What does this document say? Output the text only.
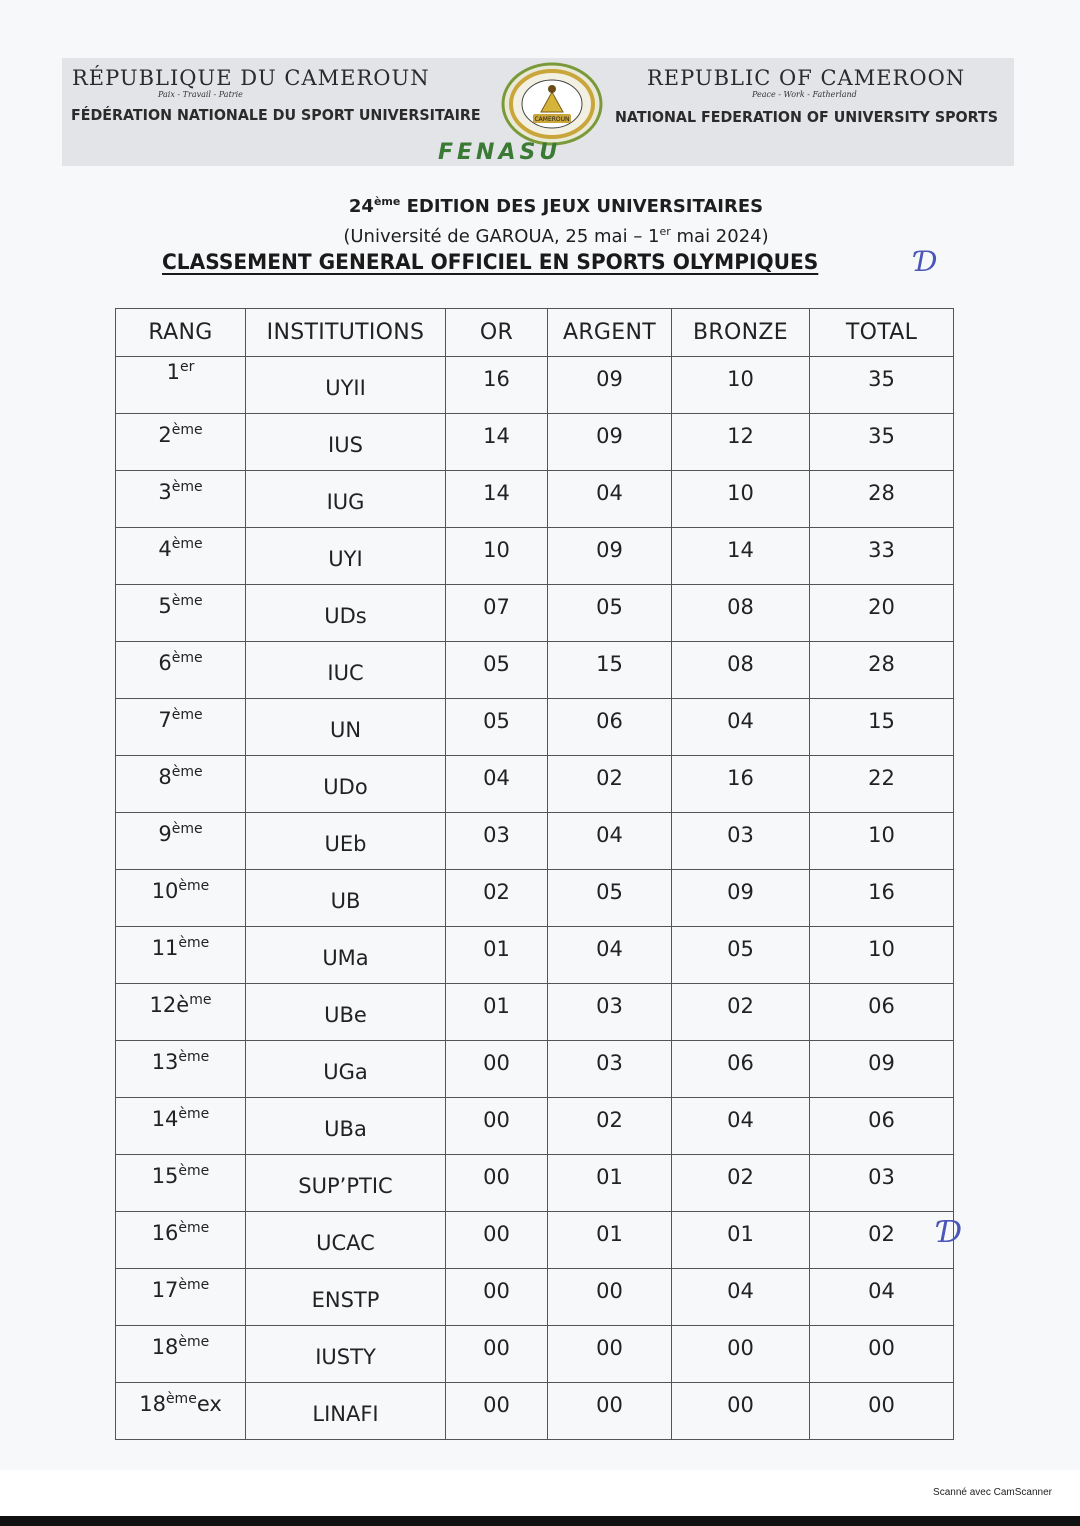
RÉPUBLIQUE DU CAMEROUN
Paix - Travail - Patrie
FÉDÉRATION NATIONALE DU SPORT UNIVERSITAIRE	CAMEROUN
REPUBLIC OF CAMEROON
Peace - Work - Fatherland
NATIONAL FEDERATION OF UNIVERSITY SPORTS
FENASU
24ème EDITION DES JEUX UNIVERSITAIRES
(Université de GAROUA, 25 mai – 1er mai 2024)
CLASSEMENT GENERAL OFFICIEL EN SPORTS OLYMPIQUES	Ɗ
RANG	INSTITUTIONS	OR	ARGENT	BRONZE	TOTAL
1er	UYII	16	09	10	35
2ème	IUS	14	09	12	35
3ème	IUG	14	04	10	28
4ème	UYI	10	09	14	33
5ème	UDs	07	05	08	20
6ème	IUC	05	15	08	28
7ème	UN	05	06	04	15
8ème	UDo	04	02	16	22
9ème	UEb	03	04	03	10
10ème	UB	02	05	09	16
11ème	UMa	01	04	05	10
$12è^{me}$	UBe	01	03	02	06
13ème	UGa	00	03	06	09
14ème	UBa	00	02	04	06
15ème	SUP’PTIC	00	01	02	03
16ème	UCAC	00	01	01	02
17ème	ENSTP	00	00	04	04
18ème	IUSTY	00	00	00	00
18èmeex	LINAFI	00	00	00	00
Ɗ
Scanné avec CamScanner
